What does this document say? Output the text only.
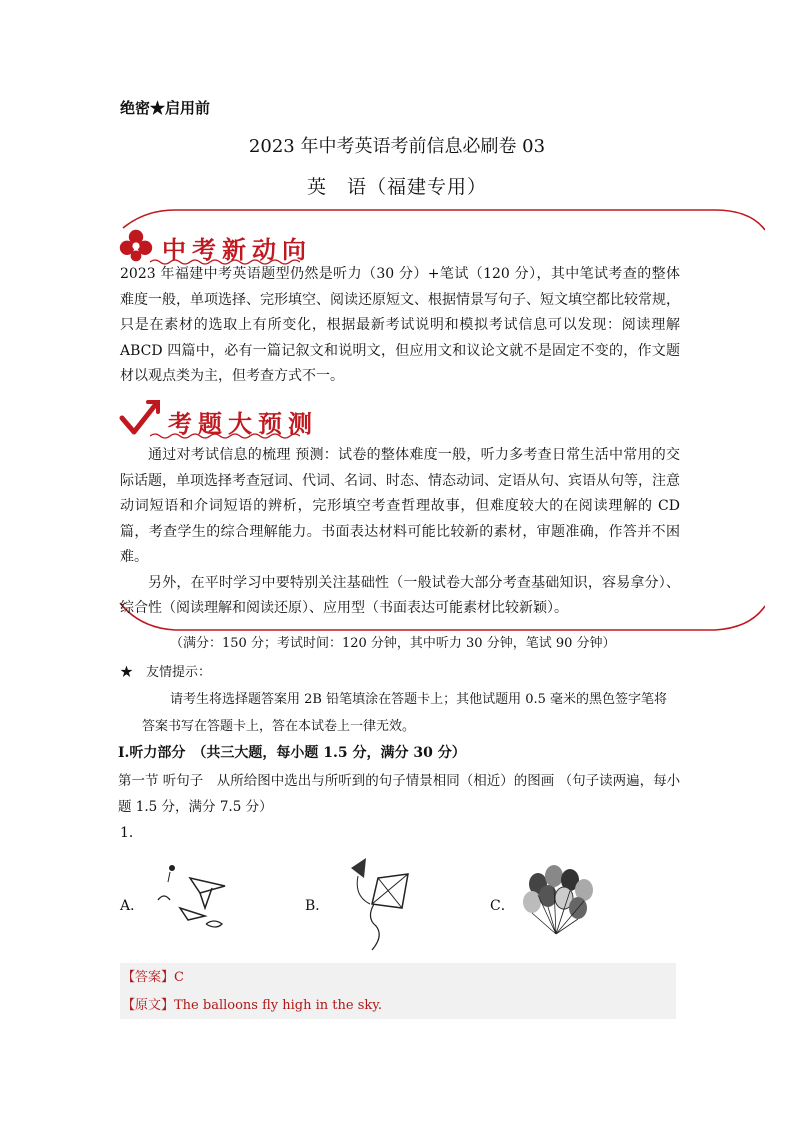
绝密★启用前
2023 年中考英语考前信息必刷卷 03
英　语（福建专用）
中考新动向

2023 年福建中考英语题型仍然是听力（30 分）+笔试（120 分），其中笔试考查的整体难度一般，单项选择、完形填空、阅读还原短文、根据情景写句子、短文填空都比较常规，只是在素材的选取上有所变化，根据最新考试说明和模拟考试信息可以发现：阅读理解 ABCD 四篇中，必有一篇记叙文和说明文，但应用文和议论文就不是固定不变的，作文题材以观点类为主，但考查方式不一。

考题大预测

通过对考试信息的梳理 预测：试卷的整体难度一般，听力多考查日常生活中常用的交际话题，单项选择考查冠词、代词、名词、时态、情态动词、定语从句、宾语从句等，注意动词短语和介词短语的辨析，完形填空考查哲理故事，但难度较大的在阅读理解的 CD 篇，考查学生的综合理解能力。书面表达材料可能比较新的素材，审题准确，作答并不困难。

另外，在平时学习中要特别关注基础性（一般试卷大部分考查基础知识，容易拿分）、综合性（阅读理解和阅读还原）、应用型（书面表达可能素材比较新颖）。

（满分：150 分；考试时间：120 分钟，其中听力 30 分钟，笔试 90 分钟）
★　友情提示：
请考生将选择题答案用 2B 铅笔填涂在答题卡上；其他试题用 0.5 毫米的黑色签字笔将
答案书写在答题卡上，答在本试卷上一律无效。
Ⅰ.听力部分　（共三大题，每小题 1.5 分，满分 30 分）
第一节 听句子　从所给图中选出与所听到的句子情景相同（相近）的图画 （句子读两遍，每小题 1.5 分，满分 7.5 分）
1．
A．	B．	C．
【答案】C
【原文】The balloons fly high in the sky.
